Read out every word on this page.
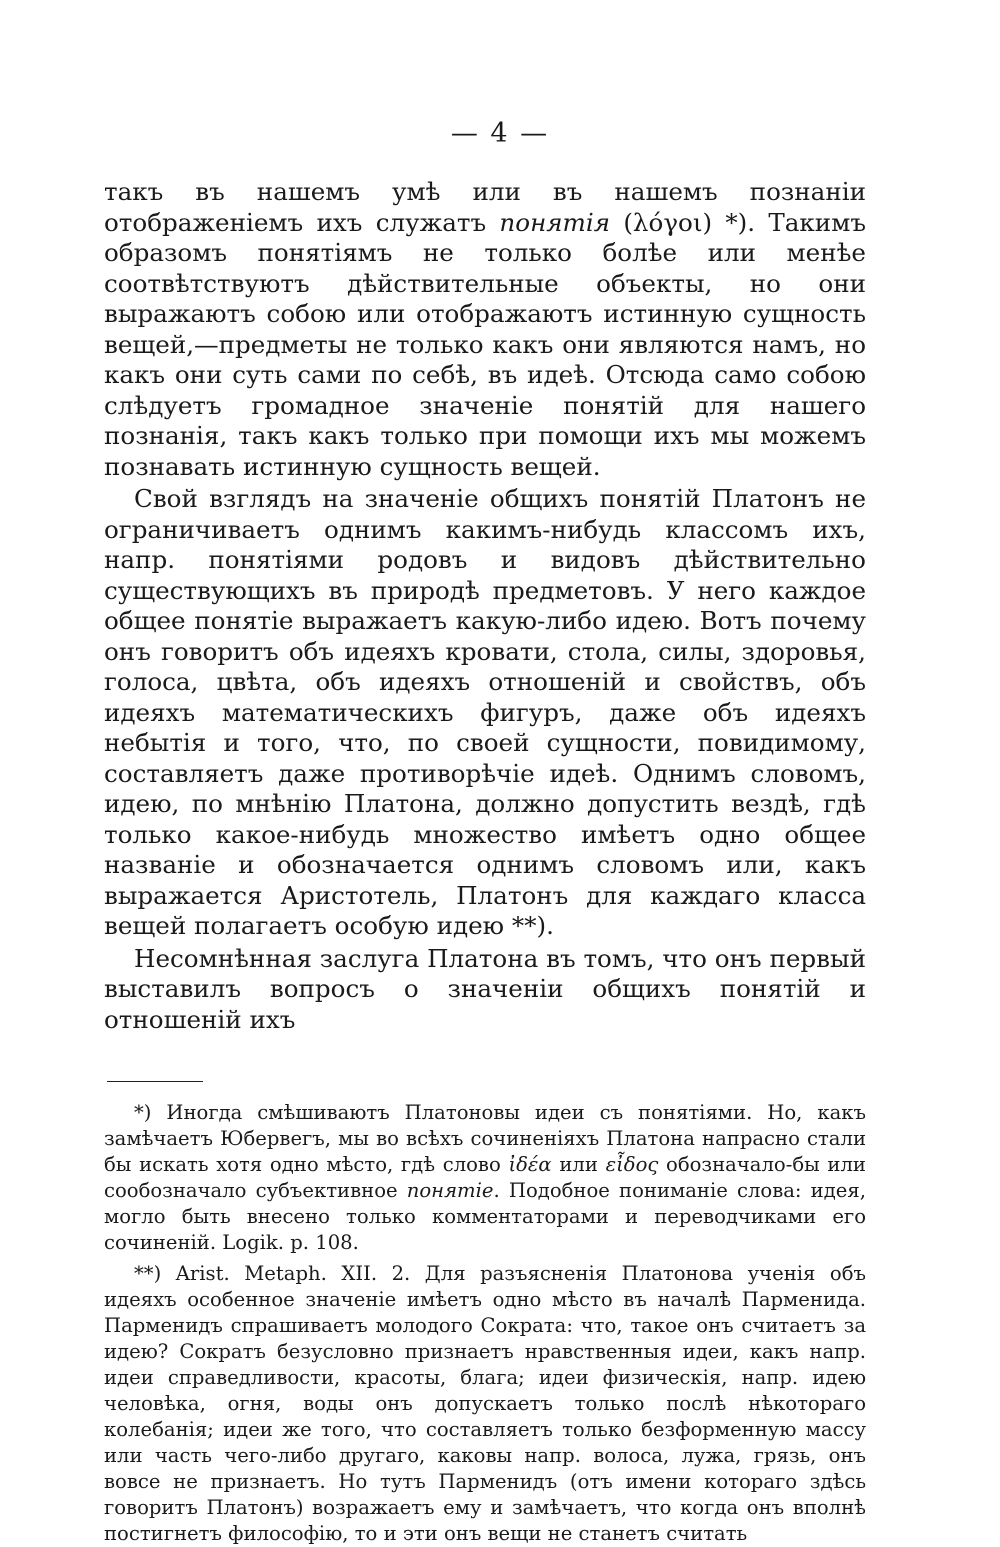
— 4 —

такъ въ нашемъ умѣ или въ нашемъ познанiи отображенiемъ ихъ служатъ понятiя (λόγοι) *). Такимъ образомъ понятiямъ не только болѣе или менѣе соотвѣтствуютъ дѣйствительные объекты, но они выражаютъ собою или отображаютъ истинную сущность вещей,—предметы не только какъ они являются намъ, но какъ они суть сами по себѣ, въ идеѣ. Отсюда само собою слѣдуетъ громадное значенiе понятiй для нашего познанiя, такъ какъ только при помощи ихъ мы можемъ познавать истинную сущность вещей.

Свой взглядъ на значенiе общихъ понятiй Платонъ не ограничиваетъ однимъ какимъ-нибудь классомъ ихъ, напр. понятiями родовъ и видовъ дѣйствительно существующихъ въ природѣ предметовъ. У него каждое общее понятiе выражаетъ какую-либо идею. Вотъ почему онъ говоритъ объ идеяхъ кровати, стола, силы, здоровья, голоса, цвѣта, объ идеяхъ отношенiй и свойствъ, объ идеяхъ математическихъ фигуръ, даже объ идеяхъ небытiя и того, что, по своей сущности, повидимому, составляетъ даже противорѣчiе идеѣ. Однимъ словомъ, идею, по мнѣнiю Платона, должно допустить вездѣ, гдѣ только какое-нибудь множество имѣетъ одно общее названiе и обозначается однимъ словомъ или, какъ выражается Аристотель, Платонъ для каждаго класса вещей полагаетъ особую идею **).

Несомнѣнная заслуга Платона въ томъ, что онъ первый выставилъ вопросъ о значенiи общихъ понятiй и отношенiй ихъ

*) Иногда смѣшиваютъ Платоновы идеи съ понятiями. Но, какъ замѣчаетъ Юбервегъ, мы во всѣхъ сочиненiяхъ Платона напрасно стали бы искать хотя одно мѣсто, гдѣ слово ἰδέα или εἶδος обозначало-бы или сообозначало субъективное понятiе. Подобное пониманiе слова: идея, могло быть внесено только комментаторами и переводчиками его сочиненiй. Logik. p. 108.

**) Arist. Metaph. XII. 2. Для разъясненiя Платонова ученiя объ идеяхъ особенное значенiе имѣетъ одно мѣсто въ началѣ Парменида. Парменидъ спрашиваетъ молодого Сократа: что, такое онъ считаетъ за идею? Сократъ безусловно признаетъ нравственныя идеи, какъ напр. идеи справедливости, красоты, блага; идеи физическiя, напр. идею человѣка, огня, воды онъ допускаетъ только послѣ нѣкотораго колебанiя; идеи же того, что составляетъ только безформенную массу или часть чего-либо другаго, каковы напр. волоса, лужа, грязь, онъ вовсе не признаетъ. Но тутъ Парменидъ (отъ имени котораго здѣсь говоритъ Платонъ) возражаетъ ему и замѣчаетъ, что когда онъ вполнѣ постигнетъ философiю, то и эти онъ вещи не станетъ считать
